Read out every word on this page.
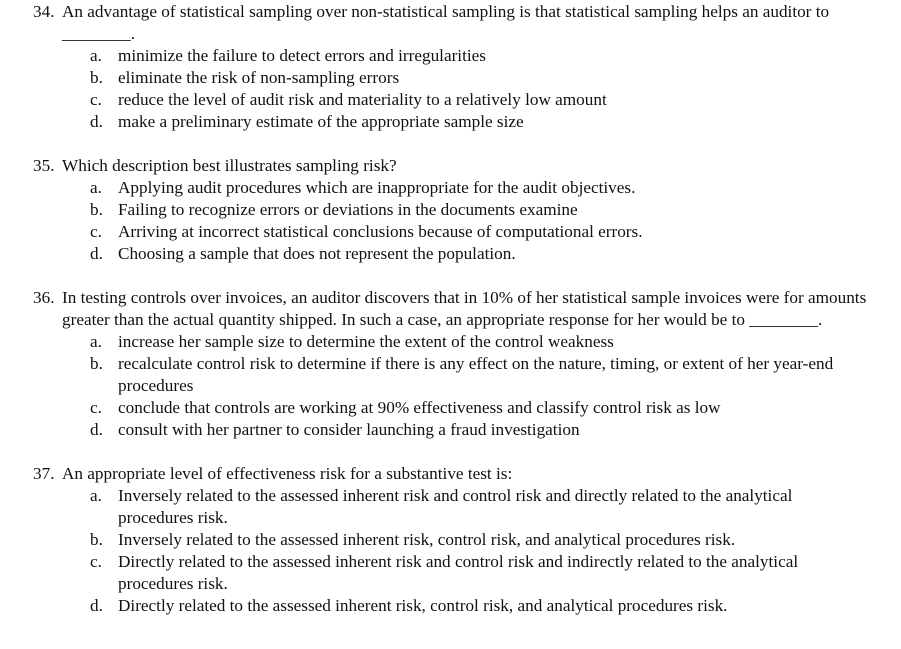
34. An advantage of statistical sampling over non-statistical sampling is that statistical sampling helps an auditor to ________.
a. minimize the failure to detect errors and irregularities
b. eliminate the risk of non-sampling errors
c. reduce the level of audit risk and materiality to a relatively low amount
d. make a preliminary estimate of the appropriate sample size
35. Which description best illustrates sampling risk?
a. Applying audit procedures which are inappropriate for the audit objectives.
b. Failing to recognize errors or deviations in the documents examine
c. Arriving at incorrect statistical conclusions because of computational errors.
d. Choosing a sample that does not represent the population.
36. In testing controls over invoices, an auditor discovers that in 10% of her statistical sample invoices were for amounts greater than the actual quantity shipped. In such a case, an appropriate response for her would be to ________.
a. increase her sample size to determine the extent of the control weakness
b. recalculate control risk to determine if there is any effect on the nature, timing, or extent of her year-end procedures
c. conclude that controls are working at 90% effectiveness and classify control risk as low
d. consult with her partner to consider launching a fraud investigation
37. An appropriate level of effectiveness risk for a substantive test is:
a. Inversely related to the assessed inherent risk and control risk and directly related to the analytical procedures risk.
b. Inversely related to the assessed inherent risk, control risk, and analytical procedures risk.
c. Directly related to the assessed inherent risk and control risk and indirectly related to the analytical procedures risk.
d. Directly related to the assessed inherent risk, control risk, and analytical procedures risk.
